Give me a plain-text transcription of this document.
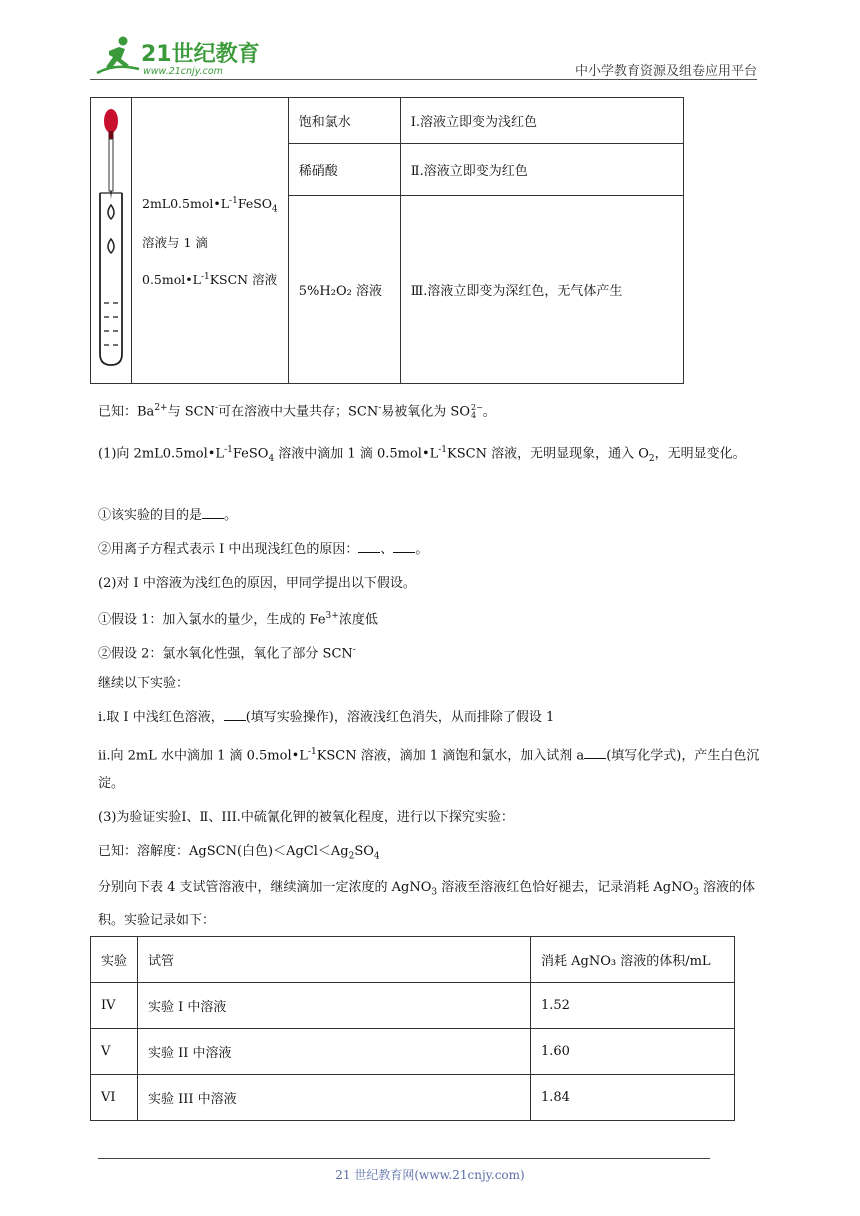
21世纪教育
www.21cnjy.com	中小学教育资源及组卷应用平台
	$2mL0.5mol•L^{-1}FeSO_4$
溶液与 1 滴
$0.5mol•L^{-1}KSCN$ 溶液	饱和氯水	Ⅰ.溶液立即变为浅红色
		稀硝酸	Ⅱ.溶液立即变为红色
		5%H₂O₂ 溶液	Ⅲ.溶液立即变为深红色，无气体产生

已知：$Ba^{2+}$与 SCN-可在溶液中大量共存；SCN-易被氧化为 SO 2−
4 。

(1)向 $2mL0.5mol•L^{-1}FeSO_4$ 溶液中滴加 1 滴 $0.5mol•L^{-1}KSCN$ 溶液，无明显现象，通入 $O_2$，无明显变化。

①该实验的目的是 。

②用离子方程式表示 I 中出现浅红色的原因： 、 。

(2)对 I 中溶液为浅红色的原因，甲同学提出以下假设。

①假设 1：加入氯水的量少，生成的 $Fe^{3+}$浓度低

②假设 2：氯水氧化性强，氧化了部分 SCN-

继续以下实验：

i.取 I 中浅红色溶液， (填写实验操作)，溶液浅红色消失，从而排除了假设 1

ⅱ.向 2mL 水中滴加 1 滴 $0.5mol•L^{-1}KSCN$ 溶液，滴加 1 滴饱和氯水，加入试剂 a (填写化学式)，产生白色沉淀。

(3)为验证实验Ⅰ、Ⅱ、III.中硫氰化钾的被氧化程度，进行以下探究实验：

已知：溶解度：AgSCN(白色)$<AgCl<Ag_2SO_4$

分别向下表 4 支试管溶液中，继续滴加一定浓度的 AgNO$_3$ 溶液至溶液红色恰好褪去，记录消耗 AgNO$_3$ 溶液的体积。实验记录如下：

实验	试管	消耗 AgNO₃ 溶液的体积/mL
IV	实验 I 中溶液	1.52
V	实验 II 中溶液	1.60
VI	实验 III 中溶液	1.84
21 世纪教育网(www.21cnjy.com)
